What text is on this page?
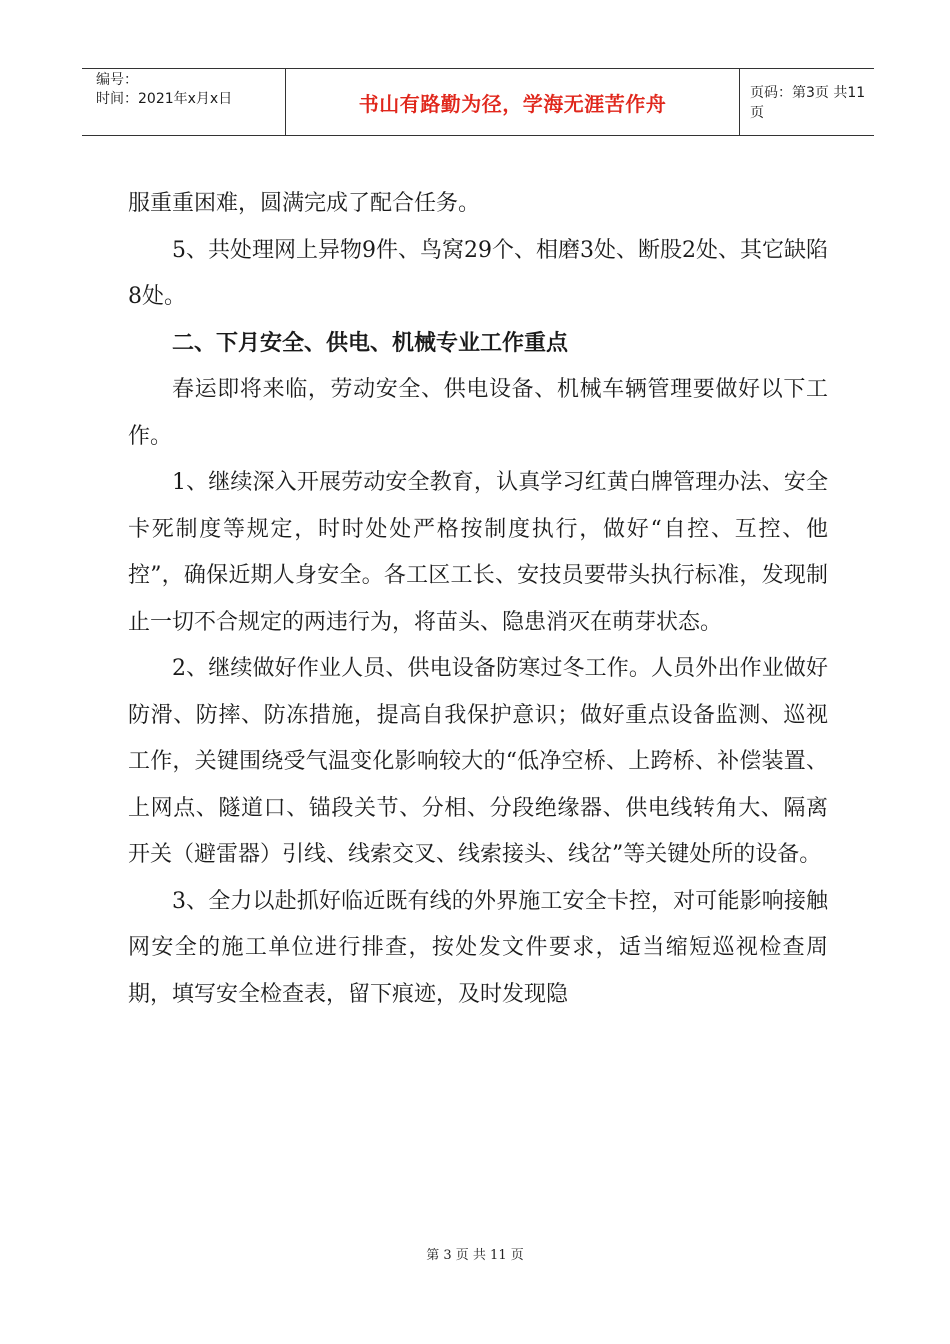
编号：
时间：2021年x月x日	书山有路勤为径，学海无涯苦作舟	页码：第3页 共11页

服重重困难，圆满完成了配合任务。

5、共处理网上异物9件、鸟窝29个、相磨3处、断股2处、其它缺陷8处。

二、下月安全、供电、机械专业工作重点

春运即将来临，劳动安全、供电设备、机械车辆管理要做好以下工作。

1、继续深入开展劳动安全教育，认真学习红黄白牌管理办法、安全卡死制度等规定，时时处处严格按制度执行，做好“自控、互控、他控”，确保近期人身安全。各工区工长、安技员要带头执行标准，发现制止一切不合规定的两违行为，将苗头、隐患消灭在萌芽状态。

2、继续做好作业人员、供电设备防寒过冬工作。人员外出作业做好防滑、防摔、防冻措施，提高自我保护意识；做好重点设备监测、巡视工作，关键围绕受气温变化影响较大的“低净空桥、上跨桥、补偿装置、上网点、隧道口、锚段关节、分相、分段绝缘器、供电线转角大、隔离开关（避雷器）引线、线索交叉、线索接头、线岔”等关键处所的设备。

3、全力以赴抓好临近既有线的外界施工安全卡控，对可能影响接触网安全的施工单位进行排查，按处发文件要求，适当缩短巡视检查周期，填写安全检查表，留下痕迹，及时发现隐

第 3 页 共 11 页
